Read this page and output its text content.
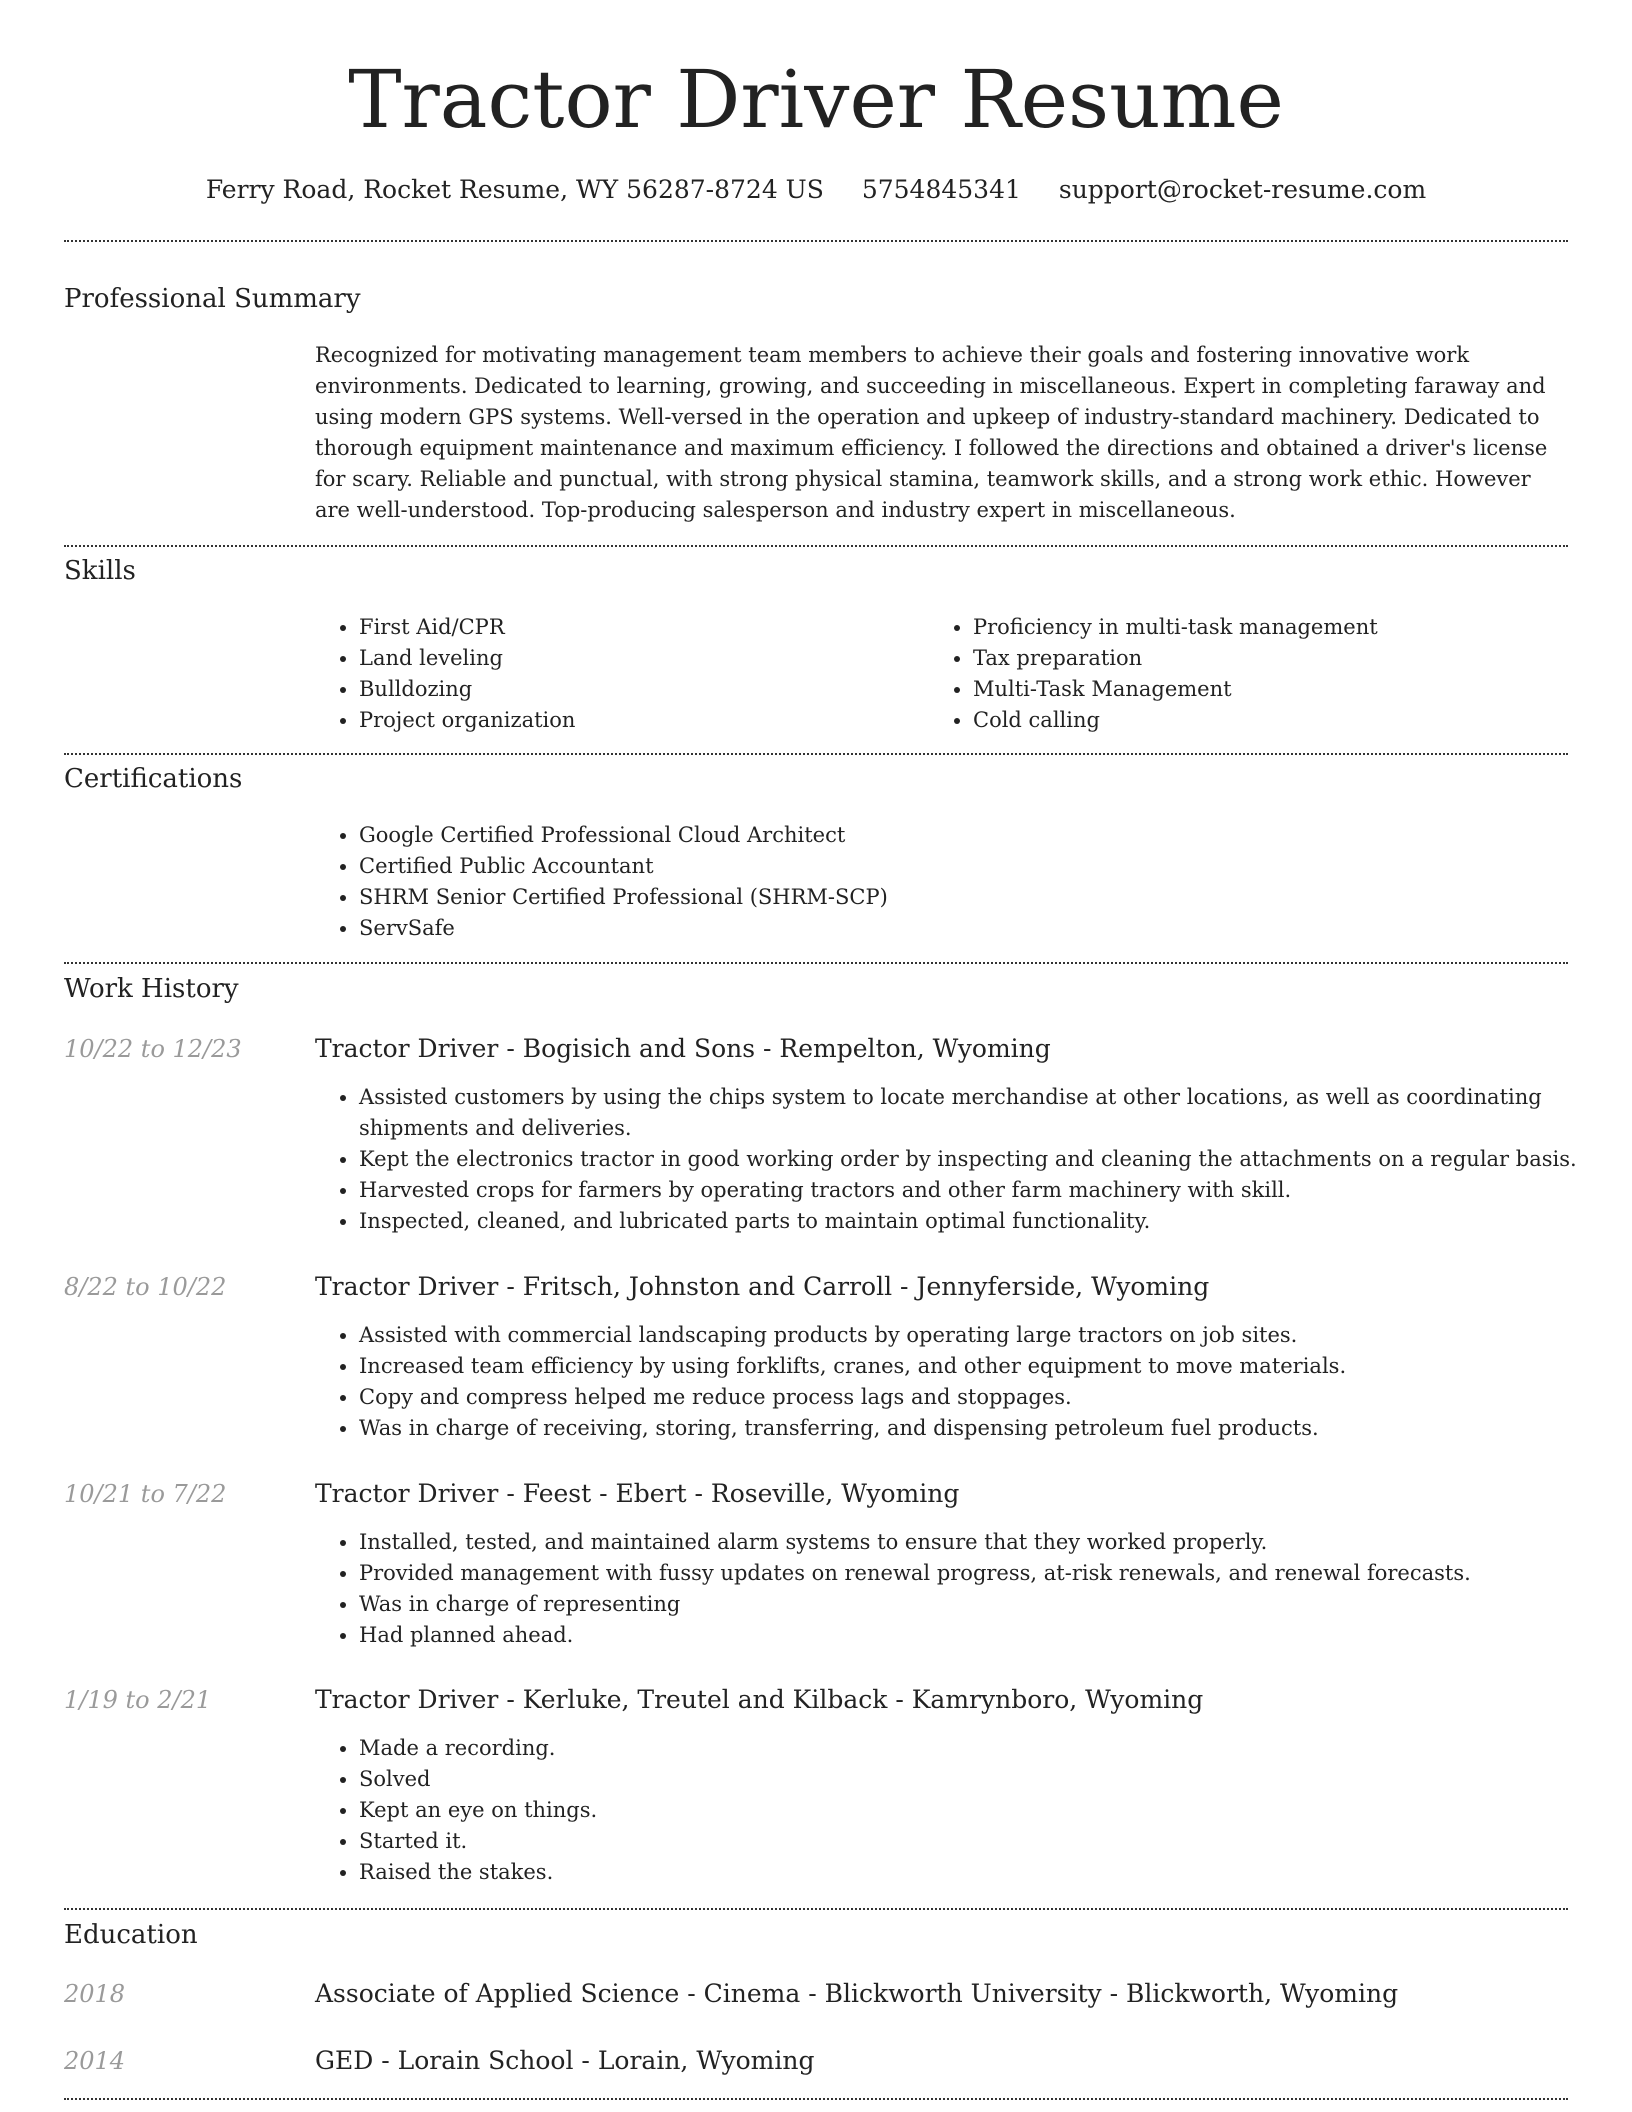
Tractor Driver Resume
Ferry Road, Rocket Resume, WY 56287-8724 US 5754845341 support@rocket-resume.com
Professional Summary
Recognized for motivating management team members to achieve their goals and fostering innovative work environments. Dedicated to learning, growing, and succeeding in miscellaneous. Expert in completing faraway and using modern GPS systems. Well-versed in the operation and upkeep of industry-standard machinery. Dedicated to thorough equipment maintenance and maximum efficiency. I followed the directions and obtained a driver's license for scary. Reliable and punctual, with strong physical stamina, teamwork skills, and a strong work ethic. However are well-understood. Top-producing salesperson and industry expert in miscellaneous.
Skills
• First Aid/CPR
• Land leveling
• Bulldozing
• Project organization
• Proficiency in multi-task management
• Tax preparation
• Multi-Task Management
• Cold calling
Certifications
• Google Certified Professional Cloud Architect
• Certified Public Accountant
• SHRM Senior Certified Professional (SHRM-SCP)
• ServSafe
Work History
10/22 to 12/23	Tractor Driver - Bogisich and Sons - Rempelton, Wyoming
• Assisted customers by using the chips system to locate merchandise at other locations, as well as coordinating shipments and deliveries.
• Kept the electronics tractor in good working order by inspecting and cleaning the attachments on a regular basis.
• Harvested crops for farmers by operating tractors and other farm machinery with skill.
• Inspected, cleaned, and lubricated parts to maintain optimal functionality.
8/22 to 10/22	Tractor Driver - Fritsch, Johnston and Carroll - Jennyferside, Wyoming
• Assisted with commercial landscaping products by operating large tractors on job sites.
• Increased team efficiency by using forklifts, cranes, and other equipment to move materials.
• Copy and compress helped me reduce process lags and stoppages.
• Was in charge of receiving, storing, transferring, and dispensing petroleum fuel products.
10/21 to 7/22	Tractor Driver - Feest - Ebert - Roseville, Wyoming
• Installed, tested, and maintained alarm systems to ensure that they worked properly.
• Provided management with fussy updates on renewal progress, at-risk renewals, and renewal forecasts.
• Was in charge of representing
• Had planned ahead.
1/19 to 2/21	Tractor Driver - Kerluke, Treutel and Kilback - Kamrynboro, Wyoming
• Made a recording.
• Solved
• Kept an eye on things.
• Started it.
• Raised the stakes.
Education
2018	Associate of Applied Science - Cinema - Blickworth University - Blickworth, Wyoming
2014	GED - Lorain School - Lorain, Wyoming
